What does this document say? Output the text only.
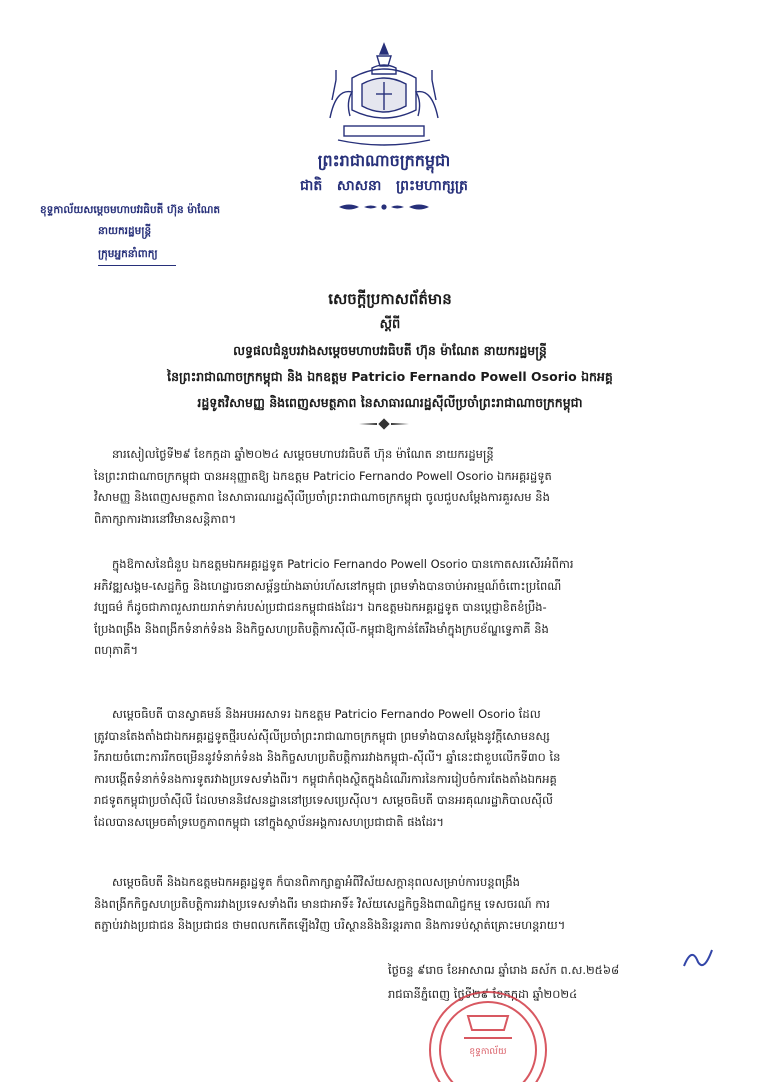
ព្រះរាជាណាចក្រកម្ពុជា
ជាតិ សាសនា ព្រះមហាក្សត្រ
ខុទ្ទកាល័យសម្ដេចមហាបវរធិបតី ហ៊ុន ម៉ាណែត
នាយករដ្ឋមន្ត្រី
ក្រុមអ្នកនាំពាក្យ
សេចក្តីប្រកាសព័ត៌មាន
ស្តីពី
លទ្ធផលជំនួបរវាងសម្តេចមហាបវរធិបតី ហ៊ុន ម៉ាណែត នាយករដ្ឋមន្ត្រី
នៃព្រះរាជាណាចក្រកម្ពុជា និង ឯកឧត្តម Patricio Fernando Powell Osorio ឯកអគ្គ
រដ្ឋទូតវិសាមញ្ញ និងពេញសមត្ថភាព នៃសាធារណរដ្ឋស៊ីលីប្រចាំព្រះរាជាណាចក្រកម្ពុជា
នារសៀលថ្ងៃទី២៩ ខែកក្កដា ឆ្នាំ២០២៤ សម្តេចមហាបវរធិបតី ហ៊ុន ម៉ាណែត នាយករដ្ឋមន្ត្រី
នៃព្រះរាជាណាចក្រកម្ពុជា បានអនុញ្ញាតឱ្យ ឯកឧត្តម Patricio Fernando Powell Osorio ឯកអគ្គរដ្ឋទូត
វិសាមញ្ញ និងពេញសមត្ថភាព នៃសាធារណរដ្ឋស៊ីលីប្រចាំព្រះរាជាណាចក្រកម្ពុជា ចូលជួបសម្តែងការគួរសម និង
ពិភាក្សាការងារនៅវិមានសន្តិភាព។
ក្នុងឱកាសនៃជំនួប ឯកឧត្តមឯកអគ្គរដ្ឋទូត Patricio Fernando Powell Osorio បានកោតសរសើរអំពីការ
អភិវឌ្ឍសង្គម-សេដ្ឋកិច្ច និងហេដ្ឋារចនាសម្ព័ន្ធយ៉ាងឆាប់រហ័សនៅកម្ពុជា ព្រមទាំងបានចាប់អារម្មណ៍ចំពោះប្រពៃណី
វប្បធម៌ ក៏ដូចជាភាពរួសរាយរាក់ទាក់របស់ប្រជាជនកម្ពុជាផងដែរ។ ឯកឧត្តមឯកអគ្គរដ្ឋទូត បានប្តេជ្ញាខិតខំប្រឹង-
ប្រែងពង្រឹង និងពង្រីកទំនាក់ទំនង និងកិច្ចសហប្រតិបត្តិការស៊ីលី-កម្ពុជាឱ្យកាន់តែរឹងមាំក្នុងក្របខ័ណ្ឌទ្វេភាគី និង
ពហុភាគី។
សម្តេចធិបតី បានស្វាគមន៍ និងអបអរសាទរ ឯកឧត្តម Patricio Fernando Powell Osorio ដែល
ត្រូវបានតែងតាំងជាឯកអគ្គរដ្ឋទូតថ្មីរបស់ស៊ីលីប្រចាំព្រះរាជាណាចក្រកម្ពុជា ព្រមទាំងបានសម្តែងនូវក្តីសោមនស្ស
រីករាយចំពោះការរីកចម្រើននូវទំនាក់ទំនង និងកិច្ចសហប្រតិបត្តិការរវាងកម្ពុជា-ស៊ីលី។ ឆ្នាំនេះជាខួបលើកទី៣០ នៃ
ការបង្កើតទំនាក់ទំនងការទូតរវាងប្រទេសទាំងពីរ។ កម្ពុជាកំពុងស្ថិតក្នុងដំណើរការនៃការរៀបចំការតែងតាំងឯកអគ្គ
រាជទូតកម្ពុជាប្រចាំស៊ីលី ដែលមាននិវេសនដ្ឋាននៅប្រទេសប្រេស៊ីល។ សម្តេចធិបតី បានអរគុណរដ្ឋាភិបាលស៊ីលី
ដែលបានសម្រេចគាំទ្របេក្ខភាពកម្ពុជា នៅក្នុងស្ថាប័នអង្គការសហប្រជាជាតិ ផងដែរ។
សម្តេចធិបតី និងឯកឧត្តមឯកអគ្គរដ្ឋទូត ក៏បានពិភាក្សាគ្នាអំពីវិស័យសក្តានុពលសម្រាប់ការបន្តពង្រឹង
និងពង្រីកកិច្ចសហប្រតិបត្តិការរវាងប្រទេសទាំងពីរ មានជាអាទិ៍៖ វិស័យសេដ្ឋកិច្ចនិងពាណិជ្ជកម្ម ទេសចរណ៍ ការ
តភ្ជាប់រវាងប្រជាជន និងប្រជាជន ថាមពលកកើតឡើងវិញ បរិស្ថាននិងនិរន្តរភាព និងការទប់ស្កាត់គ្រោះមហន្តរាយ។
ថ្ងៃចន្ទ ៩រោច ខែអាសាឍ ឆ្នាំរោង ឆស័ក ព.ស.២៥៦៨
រាជធានីភ្នំពេញ ថ្ងៃទី២៩ ខែកក្កដា ឆ្នាំ២០២៤
ខុទ្ទកាល័យ
